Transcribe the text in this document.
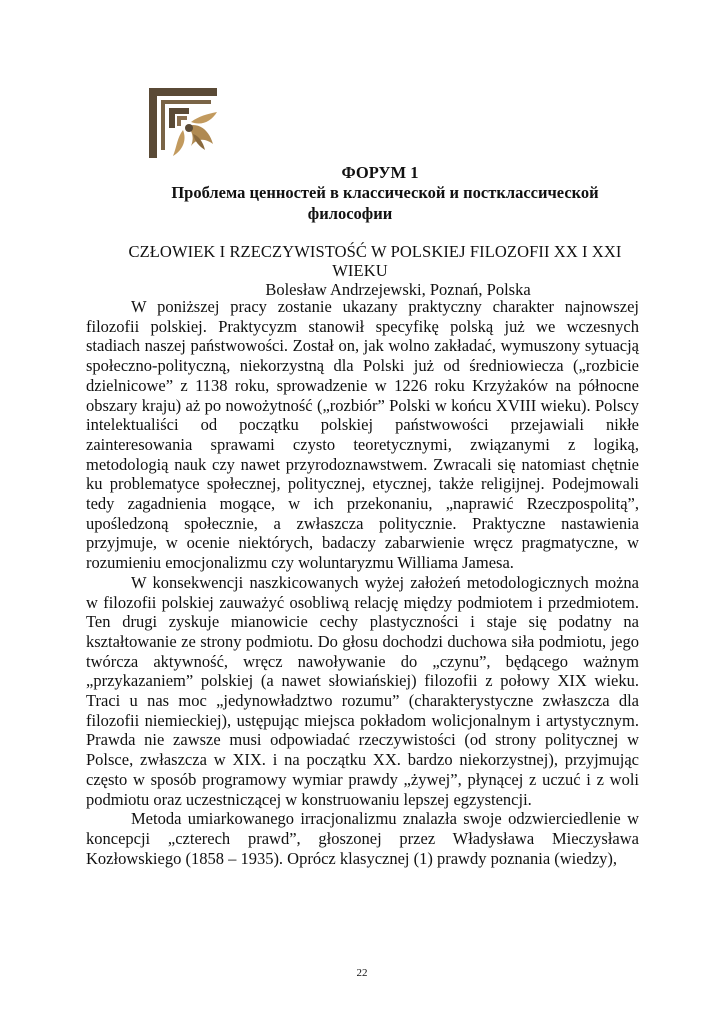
ФОРУМ 1
Проблема ценностей в классической и постклассической
философии
CZŁOWIEK I RZECZYWISTOŚĆ W POLSKIEJ FILOZOFII XX I XXI
WIEKU
Bolesław Andrzejewski, Poznań, Polska

W poniższej pracy zostanie ukazany praktyczny charakter najnowszej filozofii polskiej. Praktycyzm stanowił specyfikę polską już we wczesnych stadiach naszej państwowości. Został on, jak wolno zakładać, wymuszony sytuacją społeczno-polityczną, niekorzystną dla Polski już od średniowiecza („rozbicie dzielnicowe” z 1138 roku, sprowadzenie w 1226 roku Krzyżaków na północne obszary kraju) aż po nowożytność („rozbiór” Polski w końcu XVIII wieku). Polscy intelektualiści od początku polskiej państwowości przejawiali nikłe zainteresowania sprawami czysto teoretycznymi, związanymi z logiką, metodologią nauk czy nawet przyrodoznawstwem. Zwracali się natomiast chętnie ku problematyce społecznej, politycznej, etycznej, także religijnej. Podejmowali tedy zagadnienia mogące, w ich przekonaniu, „naprawić Rzeczpospolitą”, upośledzoną społecznie, a zwłaszcza politycznie. Praktyczne nastawienia przyjmuje, w ocenie niektórych, badaczy zabarwienie wręcz pragmatyczne, w rozumieniu emocjonalizmu czy woluntaryzmu Williama Jamesa.

W konsekwencji naszkicowanych wyżej założeń metodologicznych można w filozofii polskiej zauważyć osobliwą relację między podmiotem i przedmiotem. Ten drugi zyskuje mianowicie cechy plastyczności i staje się podatny na kształtowanie ze strony podmiotu. Do głosu dochodzi duchowa siła podmiotu, jego twórcza aktywność, wręcz nawoływanie do „czynu”, będącego ważnym „przykazaniem” polskiej (a nawet słowiańskiej) filozofii z połowy XIX wieku. Traci u nas moc „jedynowładztwo rozumu” (charakterystyczne zwłaszcza dla filozofii niemieckiej), ustępując miejsca pokładom wolicjonalnym i artystycznym. Prawda nie zawsze musi odpowiadać rzeczywistości (od strony politycznej w Polsce, zwłaszcza w XIX. i na początku XX. bardzo niekorzystnej), przyjmując często w sposób programowy wymiar prawdy „żywej”, płynącej z uczuć i z woli podmiotu oraz uczestniczącej w konstruowaniu lepszej egzystencji.

Metoda umiarkowanego irracjonalizmu znalazła swoje odzwierciedlenie w koncepcji „czterech prawd”, głoszonej przez Władysława Mieczysława Kozłowskiego (1858 – 1935). Oprócz klasycznej (1) prawdy poznania (wiedzy),

22
